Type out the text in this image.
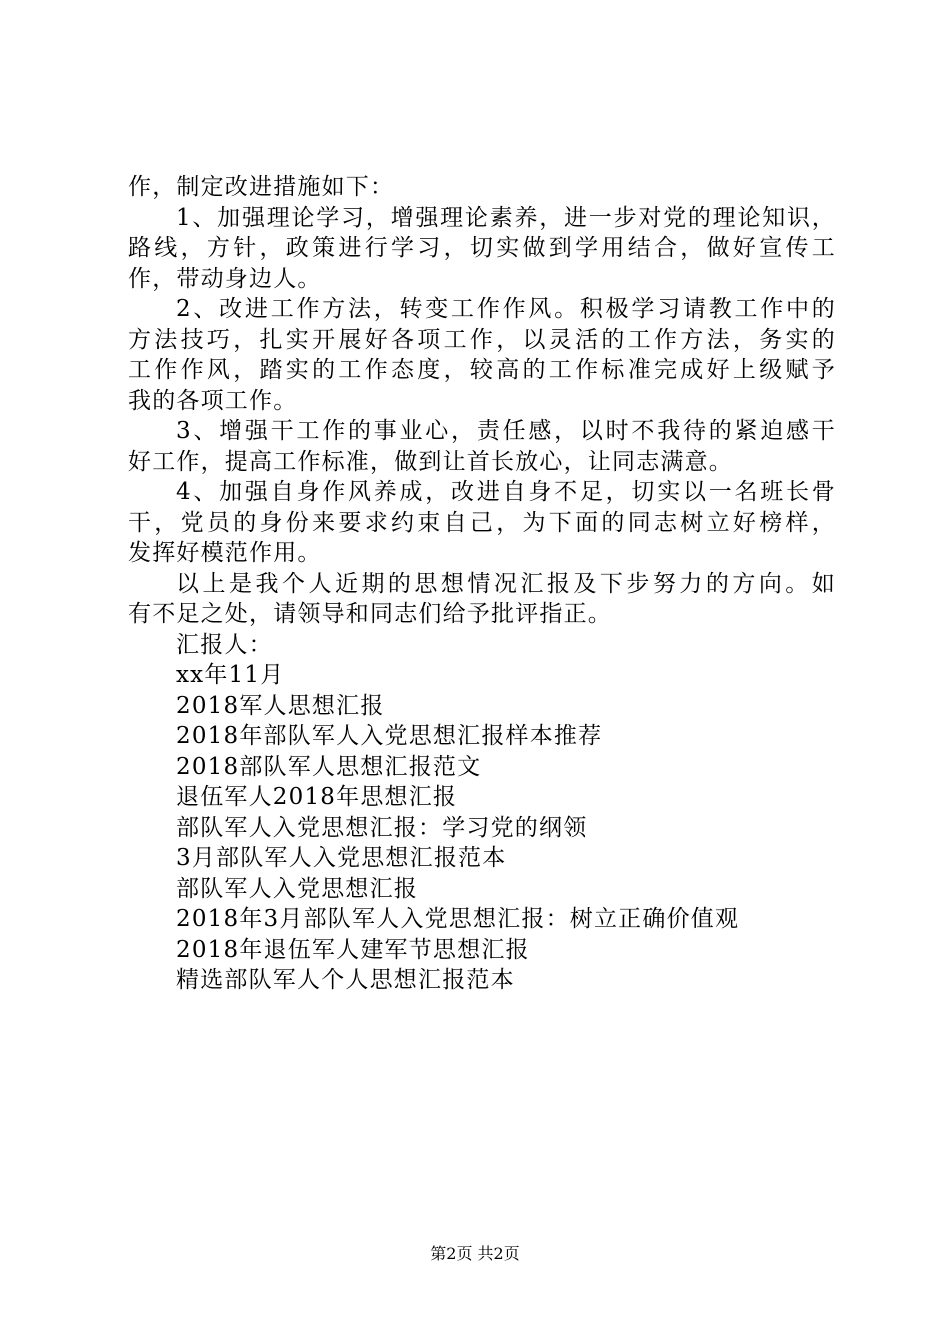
作，制定改进措施如下：
1、加强理论学习，增强理论素养，进一步对党的理论知识，
路线，方针，政策进行学习，切实做到学用结合，做好宣传工
作，带动身边人。
2、改进工作方法，转变工作作风。积极学习请教工作中的
方法技巧，扎实开展好各项工作，以灵活的工作方法，务实的
工作作风，踏实的工作态度，较高的工作标准完成好上级赋予
我的各项工作。
3、增强干工作的事业心，责任感，以时不我待的紧迫感干
好工作，提高工作标准，做到让首长放心，让同志满意。
4、加强自身作风养成，改进自身不足，切实以一名班长骨
干，党员的身份来要求约束自己，为下面的同志树立好榜样，
发挥好模范作用。
以上是我个人近期的思想情况汇报及下步努力的方向。如
有不足之处，请领导和同志们给予批评指正。
汇报人：
xx年11月
2018军人思想汇报
2018年部队军人入党思想汇报样本推荐
2018部队军人思想汇报范文
退伍军人2018年思想汇报
部队军人入党思想汇报：学习党的纲领
3月部队军人入党思想汇报范本
部队军人入党思想汇报
2018年3月部队军人入党思想汇报：树立正确价值观
2018年退伍军人建军节思想汇报
精选部队军人个人思想汇报范本
第2页 共2页
